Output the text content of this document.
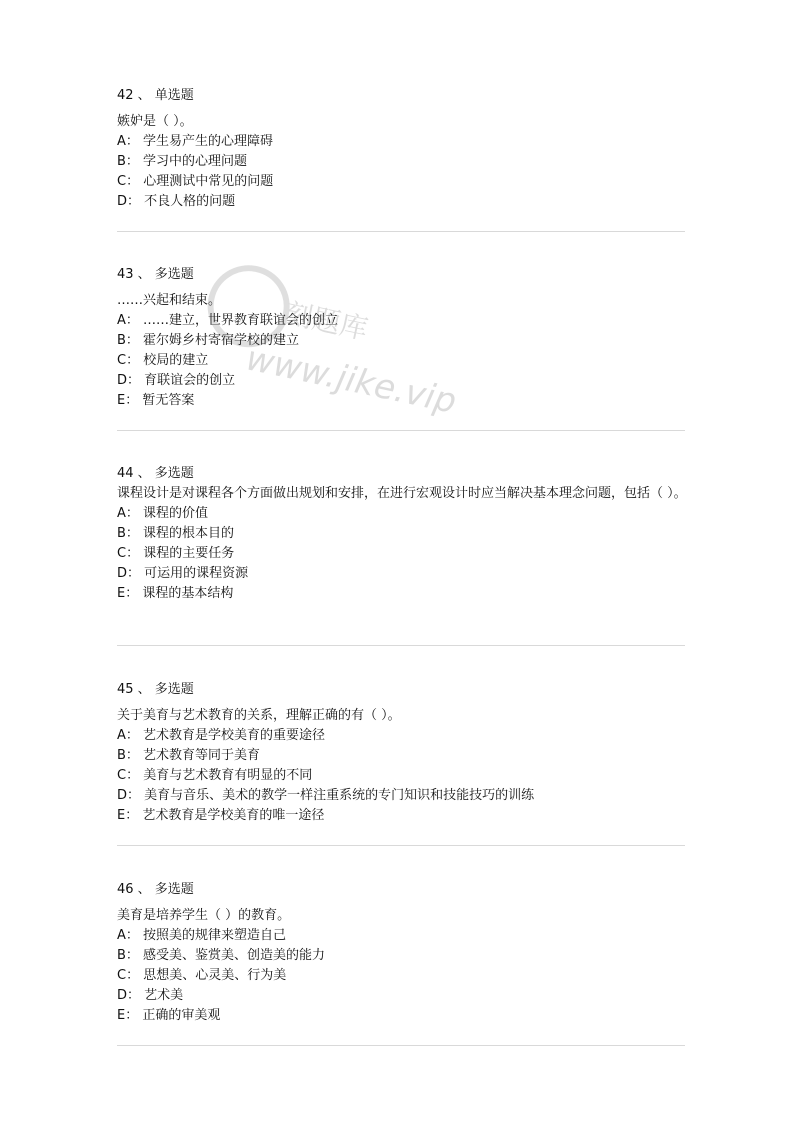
42 、 单选题
嫉妒是（ ）。
A： 学生易产生的心理障碍
B： 学习中的心理问题
C： 心理测试中常见的问题
D： 不良人格的问题
43 、 多选题
……兴起和结束。
A： ……建立，世界教育联谊会的创立
B： 霍尔姆乡村寄宿学校的建立
C： 校局的建立
D： 育联谊会的创立
E： 暂无答案
44 、 多选题
课程设计是对课程各个方面做出规划和安排，在进行宏观设计时应当解决基本理念问题，包括（ ）。
A： 课程的价值
B： 课程的根本目的
C： 课程的主要任务
D： 可运用的课程资源
E： 课程的基本结构
45 、 多选题
关于美育与艺术教育的关系，理解正确的有（ ）。
A： 艺术教育是学校美育的重要途径
B： 艺术教育等同于美育
C： 美育与艺术教育有明显的不同
D： 美育与音乐、美术的教学一样注重系统的专门知识和技能技巧的训练
E： 艺术教育是学校美育的唯一途径
46 、 多选题
美育是培养学生（ ）的教育。
A： 按照美的规律来塑造自己
B： 感受美、鉴赏美、创造美的能力
C： 思想美、心灵美、行为美
D： 艺术美
E： 正确的审美观
刻题库
www.jike.vip
